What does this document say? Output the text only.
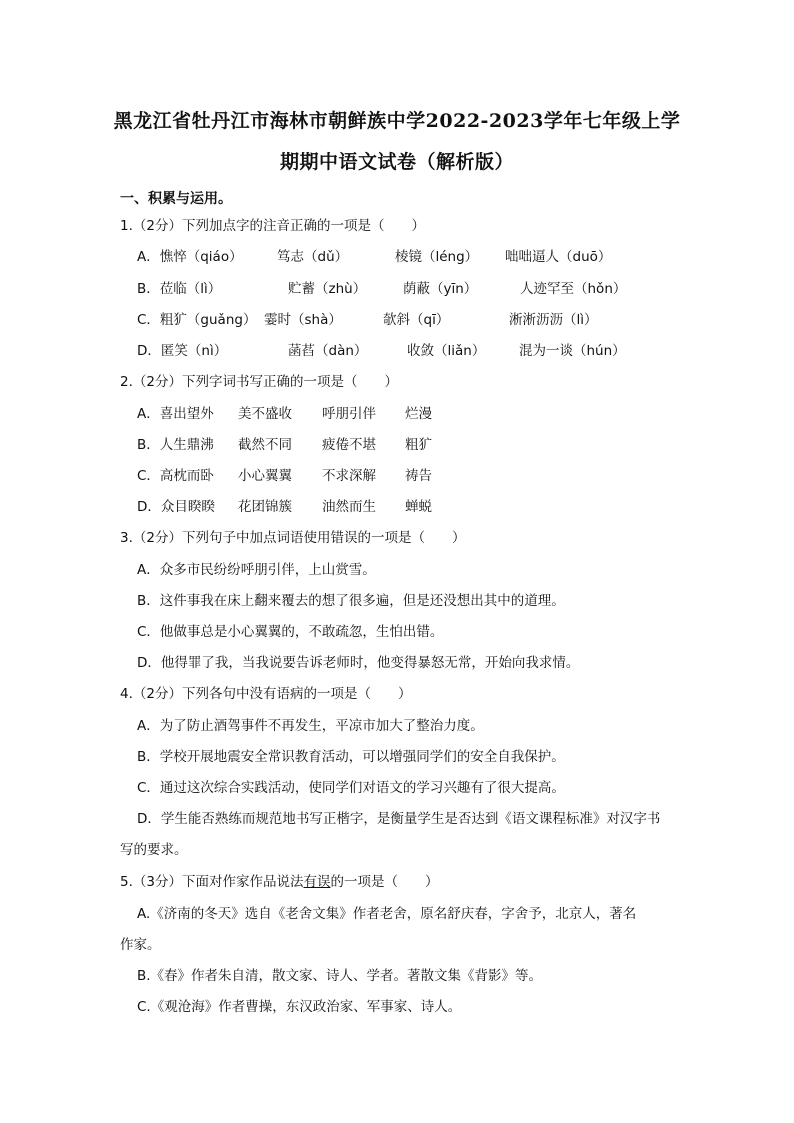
黑龙江省牡丹江市海林市朝鲜族中学2022-2023学年七年级上学
期期中语文试卷（解析版）
一、积累与运用。
1.（2分）下列加点字的注音正确的一项是（　　）
A．憔悴（qiáo）	笃志（dǔ）	棱镜（léng） 咄咄逼人（duō）
B．莅临（lì）	贮蓄（zhù）	荫蔽（yīn）	人迹罕至（hǒn）
C．粗犷（guǎng） 霎时（shà）	欹斜（qī）	淅淅沥沥（lì）
D．匿笑（nì）	菡萏（dàn）	收敛（liǎn） 混为一谈（hún）
2.（2分）下列字词书写正确的一项是（　　）
A．喜出望外 美不盛收 呼朋引伴 烂漫
B．人生鼎沸 截然不同 疲倦不堪 粗犷
C．高枕而卧 小心翼翼 不求深解 祷告
D．众目睽睽 花团锦簇 油然而生 蝉蜕
3.（2分）下列句子中加点词语使用错误的一项是（　　）
A．众多市民纷纷呼朋引伴，上山赏雪。
B．这件事我在床上翻来覆去的想了很多遍，但是还没想出其中的道理。
C．他做事总是小心翼翼的，不敢疏忽，生怕出错。
D．他得罪了我，当我说要告诉老师时，他变得暴怒无常，开始向我求情。
4.（2分）下列各句中没有语病的一项是（　　）
A．为了防止酒驾事件不再发生，平凉市加大了整治力度。
B．学校开展地震安全常识教育活动，可以增强同学们的安全自我保护。
C．通过这次综合实践活动，使同学们对语文的学习兴趣有了很大提高。
D．学生能否熟练而规范地书写正楷字，是衡量学生是否达到《语文课程标准》对汉字书
写的要求。
5.（3分）下面对作家作品说法有误的一项是（　　）
A.《济南的冬天》选自《老舍文集》作者老舍，原名舒庆春，字舍予，北京人，著名
作家。
B.《春》作者朱自清，散文家、诗人、学者。著散文集《背影》等。
C.《观沧海》作者曹操，东汉政治家、军事家、诗人。
